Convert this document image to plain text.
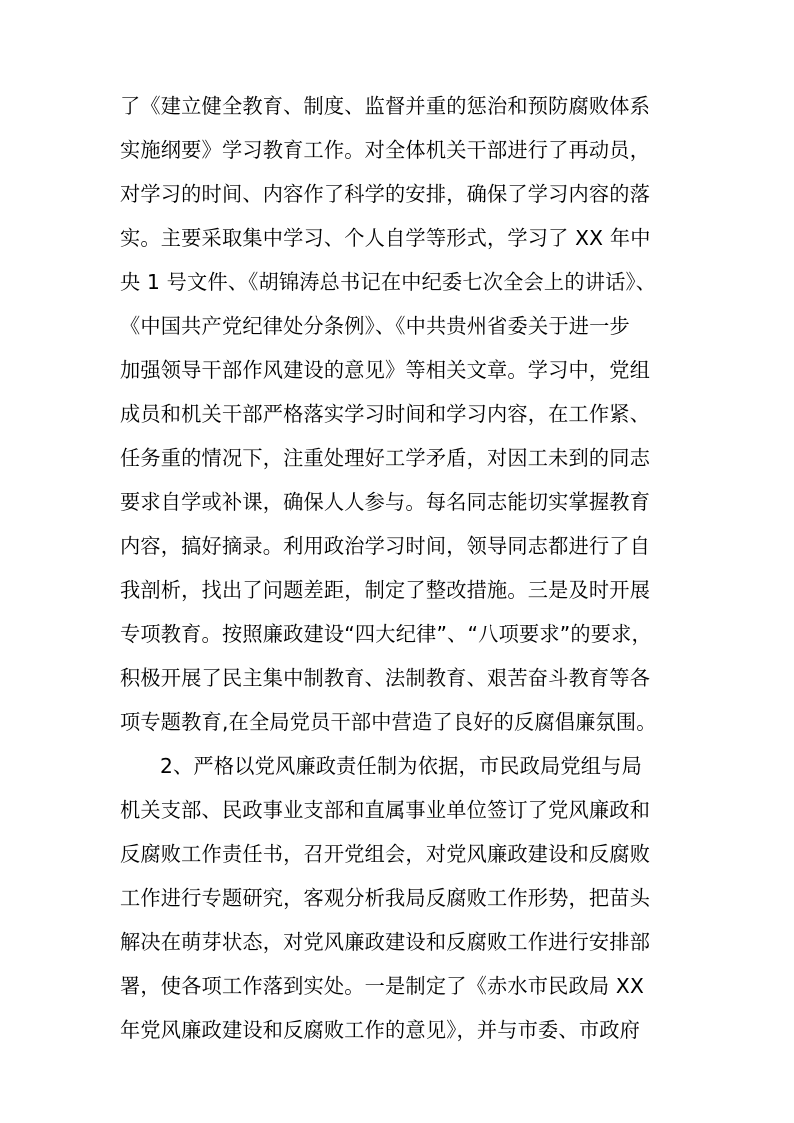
了《建立健全教育、制度、监督并重的惩治和预防腐败体系
实施纲要》学习教育工作。对全体机关干部进行了再动员，
对学习的时间、内容作了科学的安排，确保了学习内容的落
实。主要采取集中学习、个人自学等形式，学习了 XX 年中
央 1 号文件、《胡锦涛总书记在中纪委七次全会上的讲话》、
《中国共产党纪律处分条例》、《中共贵州省委关于进一步
加强领导干部作风建设的意见》等相关文章。学习中，党组
成员和机关干部严格落实学习时间和学习内容，在工作紧、
任务重的情况下，注重处理好工学矛盾，对因工未到的同志
要求自学或补课，确保人人参与。每名同志能切实掌握教育
内容，搞好摘录。利用政治学习时间，领导同志都进行了自
我剖析，找出了问题差距，制定了整改措施。三是及时开展
专项教育。按照廉政建设“四大纪律”、“八项要求”的要求，
积极开展了民主集中制教育、法制教育、艰苦奋斗教育等各
项专题教育,在全局党员干部中营造了良好的反腐倡廉氛围。
2、严格以党风廉政责任制为依据，市民政局党组与局
机关支部、民政事业支部和直属事业单位签订了党风廉政和
反腐败工作责任书，召开党组会，对党风廉政建设和反腐败
工作进行专题研究，客观分析我局反腐败工作形势，把苗头
解决在萌芽状态，对党风廉政建设和反腐败工作进行安排部
署，使各项工作落到实处。一是制定了《赤水市民政局 XX
年党风廉政建设和反腐败工作的意见》，并与市委、市政府
